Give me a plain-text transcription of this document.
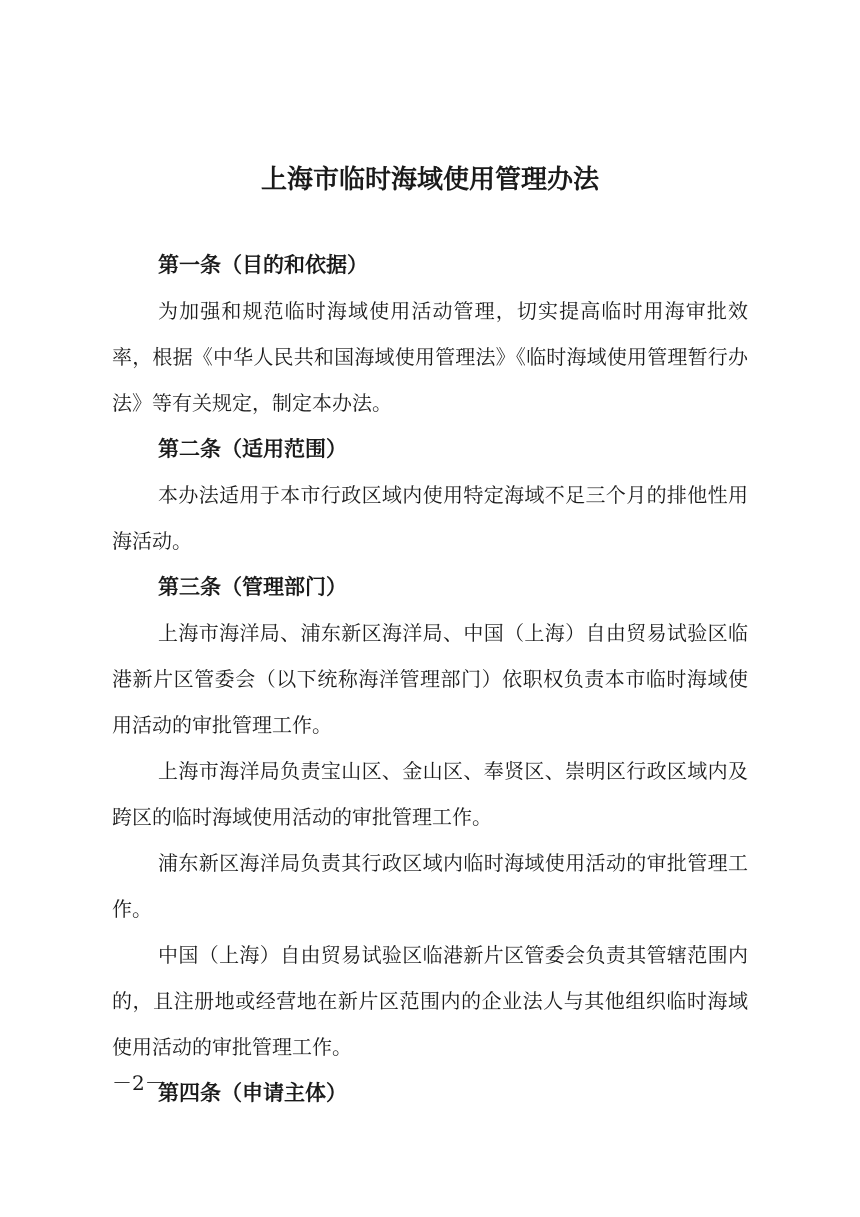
上海市临时海域使用管理办法
第一条（目的和依据）

为加强和规范临时海域使用活动管理，切实提高临时用海审批效率，根据《中华人民共和国海域使用管理法》《临时海域使用管理暂行办法》等有关规定，制定本办法。

第二条（适用范围）

本办法适用于本市行政区域内使用特定海域不足三个月的排他性用海活动。

第三条（管理部门）

上海市海洋局、浦东新区海洋局、中国（上海）自由贸易试验区临港新片区管委会（以下统称海洋管理部门）依职权负责本市临时海域使用活动的审批管理工作。

上海市海洋局负责宝山区、金山区、奉贤区、崇明区行政区域内及跨区的临时海域使用活动的审批管理工作。

浦东新区海洋局负责其行政区域内临时海域使用活动的审批管理工作。

中国（上海）自由贸易试验区临港新片区管委会负责其管辖范围内的，且注册地或经营地在新片区范围内的企业法人与其他组织临时海域使用活动的审批管理工作。

第四条（申请主体）
－2－
